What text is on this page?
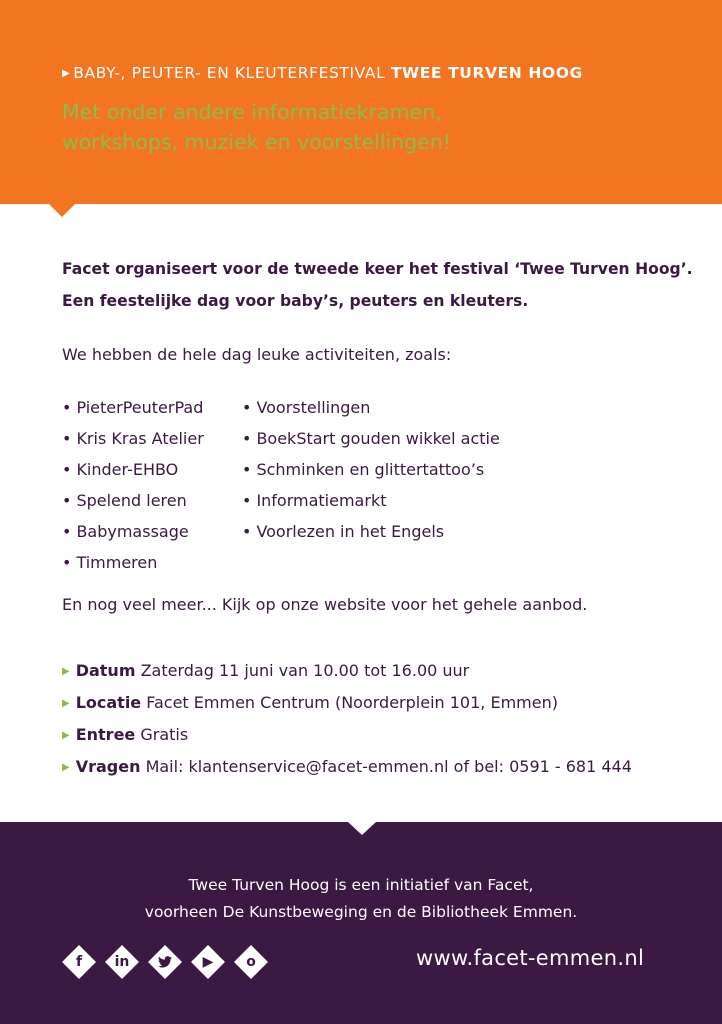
▶ BABY-, PEUTER- EN KLEUTERFESTIVAL TWEE TURVEN HOOG
Met onder andere informatiekramen,
workshops, muziek en voorstellingen!
Facet organiseert voor de tweede keer het festival ‘Twee Turven Hoog’.
Een feestelijke dag voor baby’s, peuters en kleuters.
We hebben de hele dag leuke activiteiten, zoals:
• PieterPeuterPad
• Kris Kras Atelier
• Kinder-EHBO
• Spelend leren
• Babymassage
• Timmeren
• Voorstellingen
• BoekStart gouden wikkel actie
• Schminken en glittertattoo’s
• Informatiemarkt
• Voorlezen in het Engels
En nog veel meer... Kijk op onze website voor het gehele aanbod.
▶ Datum Zaterdag 11 juni van 10.00 tot 16.00 uur
▶ Locatie Facet Emmen Centrum (Noorderplein 101, Emmen)
▶ Entree Gratis
▶ Vragen Mail: klantenservice@facet-emmen.nl of bel: 0591 - 681 444
Twee Turven Hoog is een initiatief van Facet,
voorheen De Kunstbeweging en de Bibliotheek Emmen.
f	in	▶	o	www.facet-emmen.nl
